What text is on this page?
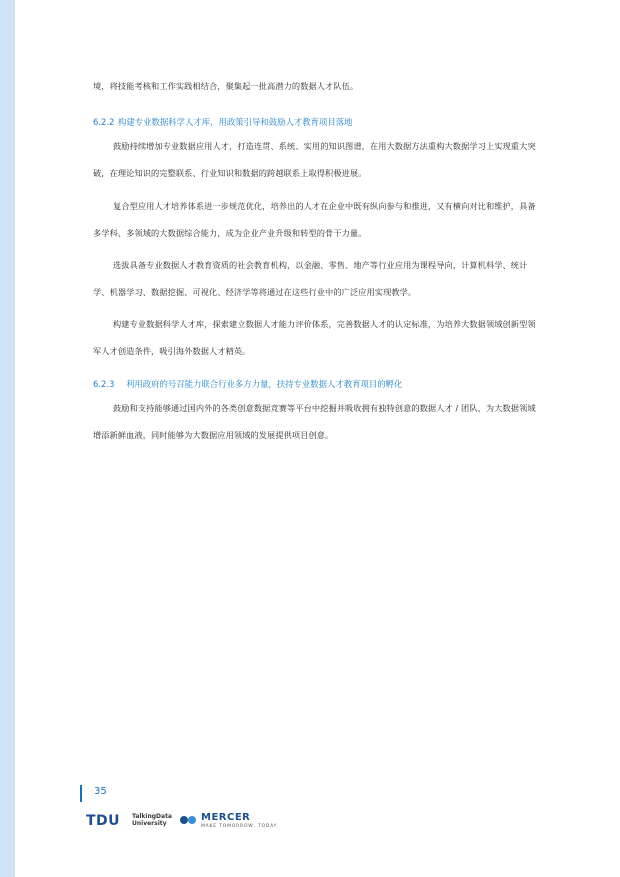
境，将技能考核和工作实践相结合，聚集起一批高潜力的数据人才队伍。

6.2.2 构建专业数据科学人才库，用政策引导和鼓励人才教育项目落地

鼓励持续增加专业数据应用人才，打造连贯、系统、实用的知识图谱，在用大数据方法重构大数据学习上实现重大突破，在理论知识的完整联系、行业知识和数据的跨越联系上取得积极进展。

复合型应用人才培养体系进一步规范优化，培养出的人才在企业中既有纵向参与和推进，又有横向对比和维护，具备多学科、多领域的大数据综合能力，成为企业产业升级和转型的骨干力量。

选拔具备专业数据人才教育资质的社会教育机构，以金融、零售、地产等行业应用为课程导向，计算机科学、统计学、机器学习、数据挖掘、可视化、经济学等将通过在这些行业中的广泛应用实现教学。

构建专业数据科学人才库，探索建立数据人才能力评价体系，完善数据人才的认定标准，为培养大数据领域创新型领军人才创造条件，吸引海外数据人才精英。

6.2.3 利用政府的号召能力联合行业多方力量，扶持专业数据人才教育项目的孵化

鼓励和支持能够通过国内外的各类创意数据竞赛等平台中挖掘并吸收拥有独特创意的数据人才 / 团队，为大数据领域增添新鲜血液，同时能够为大数据应用领域的发展提供项目创意。

35
TDU TalkingData
University
MERCER
MAKE TOMORROW, TODAY
